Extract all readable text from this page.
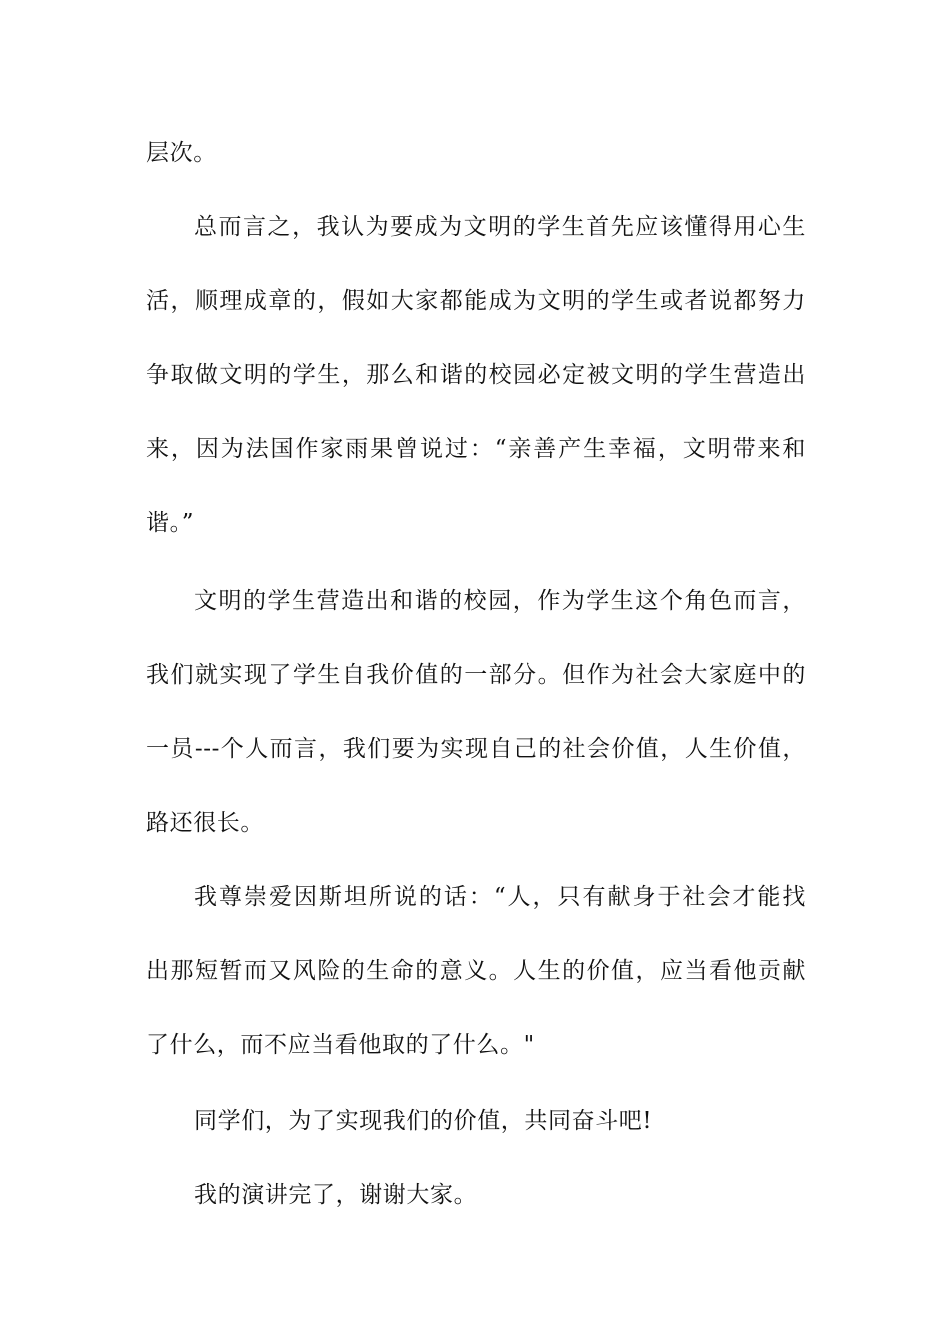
层次。
总而言之，我认为要成为文明的学生首先应该懂得用心生
活，顺理成章的，假如大家都能成为文明的学生或者说都努力
争取做文明的学生，那么和谐的校园必定被文明的学生营造出
来，因为法国作家雨果曾说过：“亲善产生幸福，文明带来和
谐。”
文明的学生营造出和谐的校园，作为学生这个角色而言，
我们就实现了学生自我价值的一部分。但作为社会大家庭中的
一员---个人而言，我们要为实现自己的社会价值，人生价值，
路还很长。
我尊崇爱因斯坦所说的话：“人，只有献身于社会才能找
出那短暂而又风险的生命的意义。人生的价值，应当看他贡献
了什么，而不应当看他取的了什么。"
同学们，为了实现我们的价值，共同奋斗吧!
我的演讲完了，谢谢大家。
